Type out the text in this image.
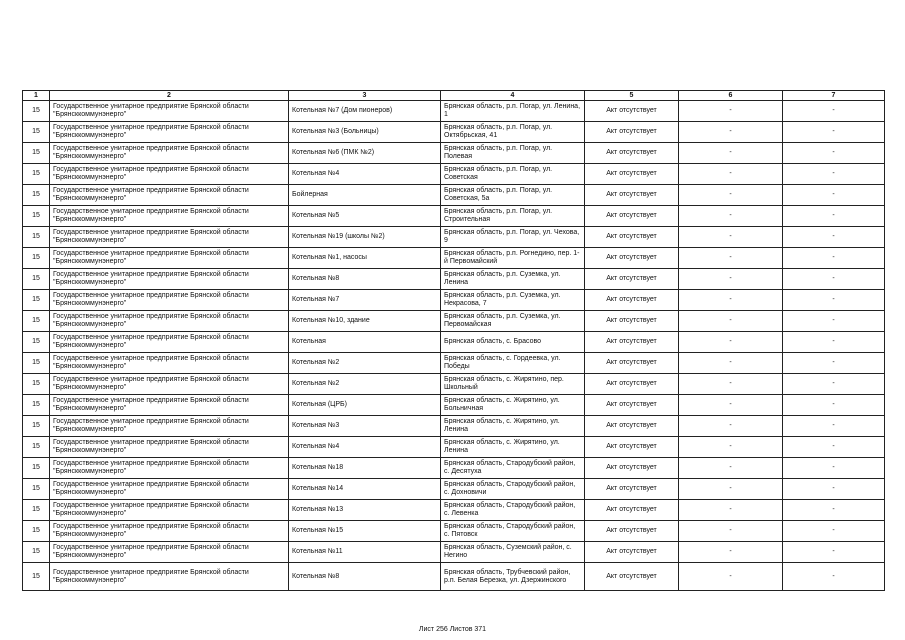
1	2	3	4	5	6	7
15	Государственное унитарное предприятие Брянской области "Брянсккоммунэнерго"	Котельная №7 (Дом пионеров)	Брянская область, р.п. Погар, ул. Ленина, 1	Акт отсутствует	-	-
15	Государственное унитарное предприятие Брянской области "Брянсккоммунэнерго"	Котельная №3 (Больницы)	Брянская область, р.п. Погар, ул. Октябрьская, 41	Акт отсутствует	-	-
15	Государственное унитарное предприятие Брянской области "Брянсккоммунэнерго"	Котельная №6 (ПМК №2)	Брянская область, р.п. Погар, ул. Полевая	Акт отсутствует	-	-
15	Государственное унитарное предприятие Брянской области "Брянсккоммунэнерго"	Котельная №4	Брянская область, р.п. Погар, ул. Советская	Акт отсутствует	-	-
15	Государственное унитарное предприятие Брянской области "Брянсккоммунэнерго"	Бойлерная	Брянская область, р.п. Погар, ул. Советская, 5а	Акт отсутствует	-	-
15	Государственное унитарное предприятие Брянской области "Брянсккоммунэнерго"	Котельная №5	Брянская область, р.п. Погар, ул. Строительная	Акт отсутствует	-	-
15	Государственное унитарное предприятие Брянской области "Брянсккоммунэнерго"	Котельная №19 (школы №2)	Брянская область, р.п. Погар, ул. Чехова, 9	Акт отсутствует	-	-
15	Государственное унитарное предприятие Брянской области "Брянсккоммунэнерго"	Котельная №1, насосы	Брянская область, р.п. Рогнедино, пер. 1-й Первомайский	Акт отсутствует	-	-
15	Государственное унитарное предприятие Брянской области "Брянсккоммунэнерго"	Котельная №8	Брянская область, р.п. Суземка, ул. Ленина	Акт отсутствует	-	-
15	Государственное унитарное предприятие Брянской области "Брянсккоммунэнерго"	Котельная №7	Брянская область, р.п. Суземка, ул. Некрасова, 7	Акт отсутствует	-	-
15	Государственное унитарное предприятие Брянской области "Брянсккоммунэнерго"	Котельная №10, здание	Брянская область, р.п. Суземка, ул. Первомайская	Акт отсутствует	-	-
15	Государственное унитарное предприятие Брянской области "Брянсккоммунэнерго"	Котельная	Брянская область, с. Брасово	Акт отсутствует	-	-
15	Государственное унитарное предприятие Брянской области "Брянсккоммунэнерго"	Котельная №2	Брянская область, с. Гордеевка, ул. Победы	Акт отсутствует	-	-
15	Государственное унитарное предприятие Брянской области "Брянсккоммунэнерго"	Котельная №2	Брянская область, с. Жирятино, пер. Школьный	Акт отсутствует	-	-
15	Государственное унитарное предприятие Брянской области "Брянсккоммунэнерго"	Котельная (ЦРБ)	Брянская область, с. Жирятино, ул. Больничная	Акт отсутствует	-	-
15	Государственное унитарное предприятие Брянской области "Брянсккоммунэнерго"	Котельная №3	Брянская область, с. Жирятино, ул. Ленина	Акт отсутствует	-	-
15	Государственное унитарное предприятие Брянской области "Брянсккоммунэнерго"	Котельная №4	Брянская область, с. Жирятино, ул. Ленина	Акт отсутствует	-	-
15	Государственное унитарное предприятие Брянской области "Брянсккоммунэнерго"	Котельная №18	Брянская область, Стародубский район, с. Десятуха	Акт отсутствует	-	-
15	Государственное унитарное предприятие Брянской области "Брянсккоммунэнерго"	Котельная №14	Брянская область, Стародубский район, с. Дохновичи	Акт отсутствует	-	-
15	Государственное унитарное предприятие Брянской области "Брянсккоммунэнерго"	Котельная №13	Брянская область, Стародубский район, с. Левенка	Акт отсутствует	-	-
15	Государственное унитарное предприятие Брянской области "Брянсккоммунэнерго"	Котельная №15	Брянская область, Стародубский район, с. Пятовск	Акт отсутствует	-	-
15	Государственное унитарное предприятие Брянской области "Брянсккоммунэнерго"	Котельная №11	Брянская область, Суземский район, с. Негино	Акт отсутствует	-	-
15	Государственное унитарное предприятие Брянской области "Брянсккоммунэнерго"	Котельная №8	Брянская область, Трубчевский район, р.п. Белая Березка, ул. Дзержинского	Акт отсутствует	-	-
Лист 256 Листов 371
